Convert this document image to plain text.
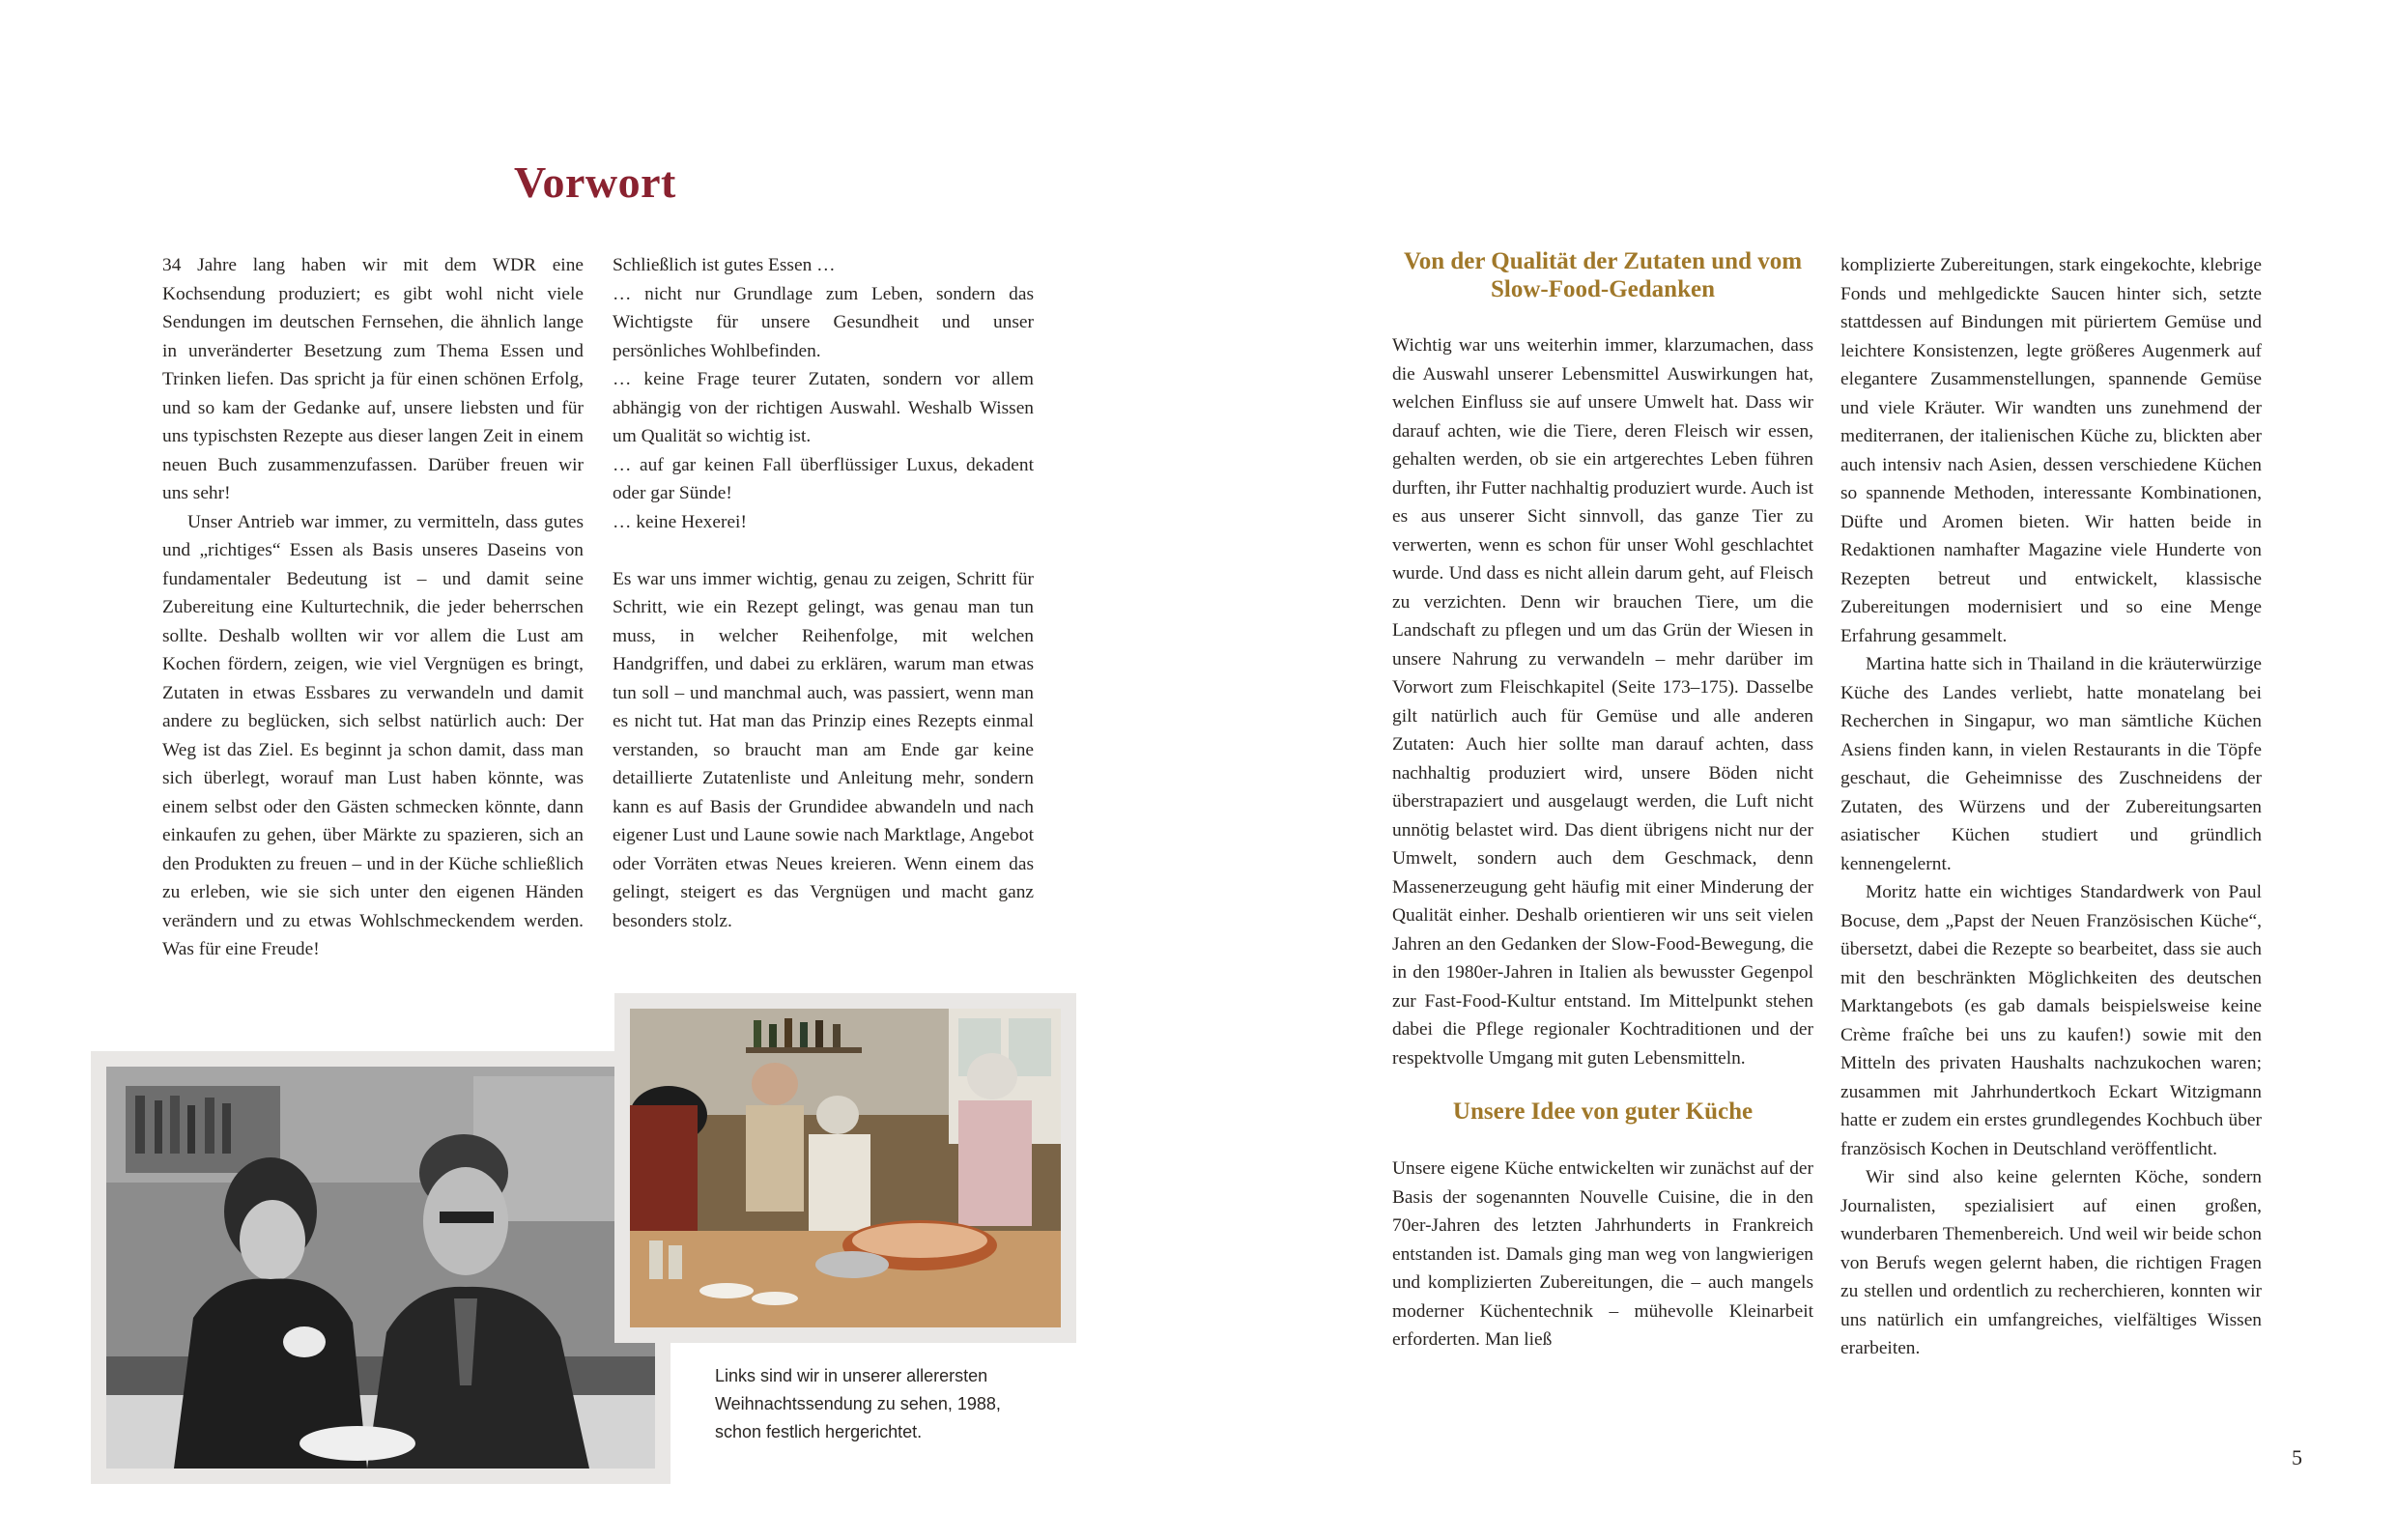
Vorwort

34 Jahre lang haben wir mit dem WDR eine Kochsendung produziert; es gibt wohl nicht viele Sendungen im deutschen Fernsehen, die ähnlich lange in unveränderter Besetzung zum Thema Essen und Trinken liefen. Das spricht ja für einen schönen Erfolg, und so kam der Gedanke auf, unsere liebsten und für uns typischsten Rezepte aus dieser langen Zeit in einem neuen Buch zusammenzufassen. Darüber freuen wir uns sehr!

Unser Antrieb war immer, zu vermitteln, dass gutes und „richtiges“ Essen als Basis unseres Daseins von fundamentaler Bedeutung ist – und damit seine Zubereitung eine Kulturtechnik, die jeder beherrschen sollte. Deshalb wollten wir vor allem die Lust am Kochen fördern, zeigen, wie viel Vergnügen es bringt, Zutaten in etwas Essbares zu verwandeln und damit andere zu beglücken, sich selbst natürlich auch: Der Weg ist das Ziel. Es beginnt ja schon damit, dass man sich überlegt, worauf man Lust haben könnte, was einem selbst oder den Gästen schmecken könnte, dann einkaufen zu gehen, über Märkte zu spazieren, sich an den Produkten zu freuen – und in der Küche schließlich zu erleben, wie sie sich unter den eigenen Händen verändern und zu etwas Wohlschmeckendem werden. Was für eine Freude!

Schließlich ist gutes Essen …

… nicht nur Grundlage zum Leben, sondern das Wichtigste für unsere Gesundheit und unser persönliches Wohlbefinden.

… keine Frage teurer Zutaten, sondern vor allem abhängig von der richtigen Auswahl. Weshalb Wissen um Qualität so wichtig ist.

… auf gar keinen Fall überflüssiger Luxus, dekadent oder gar Sünde!

… keine Hexerei!

Es war uns immer wichtig, genau zu zeigen, Schritt für Schritt, wie ein Rezept gelingt, was genau man tun muss, in welcher Reihenfolge, mit welchen Handgriffen, und dabei zu erklären, warum man etwas tun soll – und manchmal auch, was passiert, wenn man es nicht tut. Hat man das Prinzip eines Rezepts einmal verstanden, so braucht man am Ende gar keine detaillierte Zutatenliste und Anleitung mehr, sondern kann es auf Basis der Grundidee abwandeln und nach eigener Lust und Laune sowie nach Marktlage, Angebot oder Vorräten etwas Neues kreieren. Wenn einem das gelingt, steigert es das Vergnügen und macht ganz besonders stolz.

Links sind wir in unserer allerersten Weihnachtssendung zu sehen, 1988, schon festlich hergerichtet.
Von der Qualität der Zutaten und vom Slow-Food-Gedanken

Wichtig war uns weiterhin immer, klarzumachen, dass die Auswahl unserer Lebensmittel Auswirkungen hat, welchen Einfluss sie auf unsere Umwelt hat. Dass wir darauf achten, wie die Tiere, deren Fleisch wir essen, gehalten werden, ob sie ein artgerechtes Leben führen durften, ihr Futter nachhaltig produziert wurde. Auch ist es aus unserer Sicht sinnvoll, das ganze Tier zu verwerten, wenn es schon für unser Wohl geschlachtet wurde. Und dass es nicht allein darum geht, auf Fleisch zu verzichten. Denn wir brauchen Tiere, um die Landschaft zu pflegen und um das Grün der Wiesen in unsere Nahrung zu verwandeln – mehr darüber im Vorwort zum Fleischkapitel (Seite 173–175). Dasselbe gilt natürlich auch für Gemüse und alle anderen Zutaten: Auch hier sollte man darauf achten, dass nachhaltig produziert wird, unsere Böden nicht überstrapaziert und ausgelaugt werden, die Luft nicht unnötig belastet wird. Das dient übrigens nicht nur der Umwelt, sondern auch dem Geschmack, denn Massenerzeugung geht häufig mit einer Minderung der Qualität einher. Deshalb orientieren wir uns seit vielen Jahren an den Gedanken der Slow-Food-Bewegung, die in den 1980er-Jahren in Italien als bewusster Gegenpol zur Fast-Food-Kultur entstand. Im Mittelpunkt stehen dabei die Pflege regionaler Kochtraditionen und der respektvolle Umgang mit guten Lebensmitteln.

Unsere Idee von guter Küche

Unsere eigene Küche entwickelten wir zunächst auf der Basis der sogenannten Nouvelle Cuisine, die in den 70er-Jahren des letzten Jahrhunderts in Frankreich entstanden ist. Damals ging man weg von langwierigen und komplizierten Zubereitungen, die – auch mangels moderner Küchentechnik – mühevolle Kleinarbeit erforderten. Man ließ

komplizierte Zubereitungen, stark eingekochte, klebrige Fonds und mehlgedickte Saucen hinter sich, setzte stattdessen auf Bindungen mit püriertem Gemüse und leichtere Konsistenzen, legte größeres Augenmerk auf elegantere Zusammenstellungen, spannende Gemüse und viele Kräuter. Wir wandten uns zunehmend der mediterranen, der italienischen Küche zu, blickten aber auch intensiv nach Asien, dessen verschiedene Küchen so spannende Methoden, interessante Kombinationen, Düfte und Aromen bieten. Wir hatten beide in Redaktionen namhafter Magazine viele Hunderte von Rezepten betreut und entwickelt, klassische Zubereitungen modernisiert und so eine Menge Erfahrung gesammelt.

Martina hatte sich in Thailand in die kräuterwürzige Küche des Landes verliebt, hatte monatelang bei Recherchen in Singapur, wo man sämtliche Küchen Asiens finden kann, in vielen Restaurants in die Töpfe geschaut, die Geheimnisse des Zuschneidens der Zutaten, des Würzens und der Zubereitungsarten asiatischer Küchen studiert und gründlich kennengelernt.

Moritz hatte ein wichtiges Standardwerk von Paul Bocuse, dem „Papst der Neuen Französischen Küche“, übersetzt, dabei die Rezepte so bearbeitet, dass sie auch mit den beschränkten Möglichkeiten des deutschen Marktangebots (es gab damals beispielsweise keine Crème fraîche bei uns zu kaufen!) sowie mit den Mitteln des privaten Haushalts nachzukochen waren; zusammen mit Jahrhundertkoch Eckart Witzigmann hatte er zudem ein erstes grundlegendes Kochbuch über französisch Kochen in Deutschland veröffentlicht.

Wir sind also keine gelernten Köche, sondern Journalisten, spezialisiert auf einen großen, wunderbaren Themenbereich. Und weil wir beide schon von Berufs wegen gelernt haben, die richtigen Fragen zu stellen und ordentlich zu recherchieren, konnten wir uns natürlich ein umfangreiches, vielfältiges Wissen erarbeiten.

5
